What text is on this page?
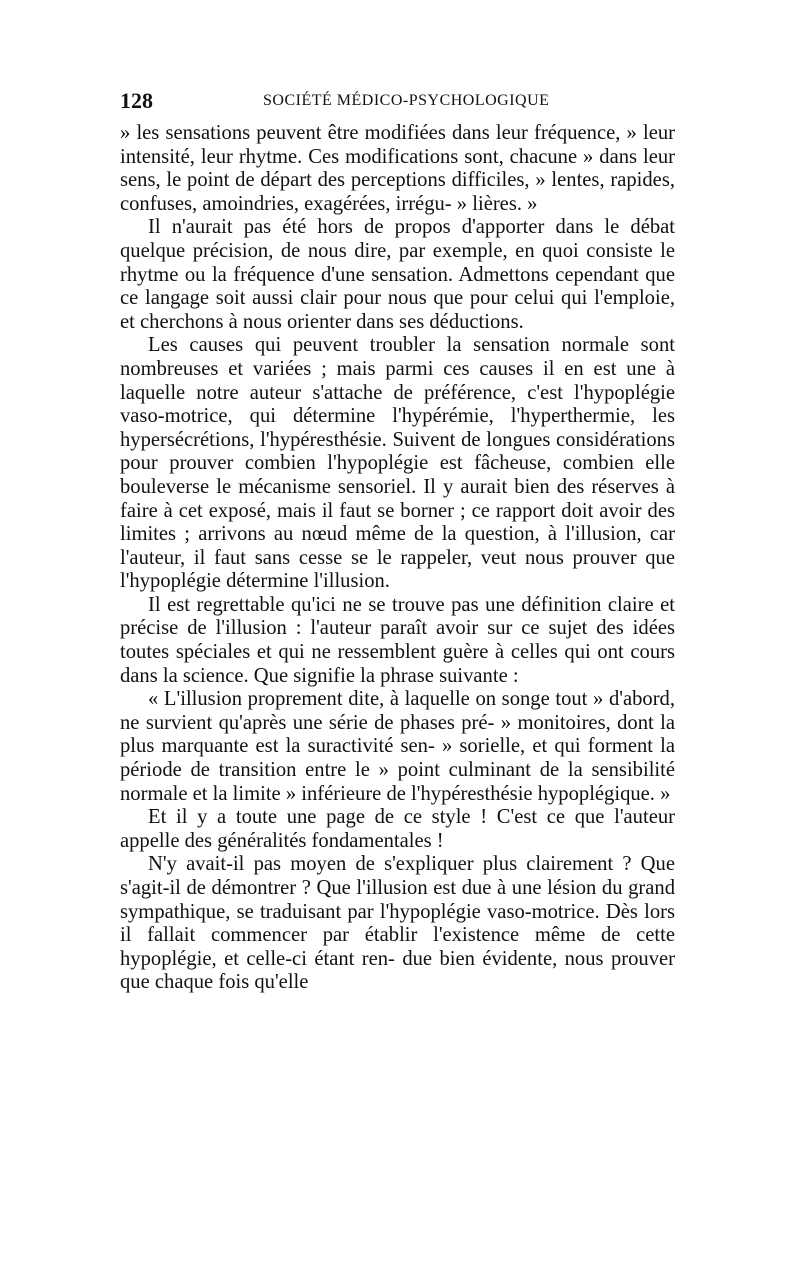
128	SOCIÉTÉ MÉDICO-PSYCHOLOGIQUE

» les sensations peuvent être modifiées dans leur fréquence, » leur intensité, leur rhytme. Ces modifications sont, chacune » dans leur sens, le point de départ des perceptions difficiles, » lentes, rapides, confuses, amoindries, exagérées, irrégu- » lières. »

Il n'aurait pas été hors de propos d'apporter dans le débat quelque précision, de nous dire, par exemple, en quoi consiste le rhytme ou la fréquence d'une sensation. Admettons cependant que ce langage soit aussi clair pour nous que pour celui qui l'emploie, et cherchons à nous orienter dans ses déductions.

Les causes qui peuvent troubler la sensation normale sont nombreuses et variées ; mais parmi ces causes il en est une à laquelle notre auteur s'attache de préférence, c'est l'hypoplégie vaso-motrice, qui détermine l'hypérémie, l'hyperthermie, les hypersécrétions, l'hypéresthésie. Suivent de longues considérations pour prouver combien l'hypoplégie est fâcheuse, combien elle bouleverse le mécanisme sensoriel. Il y aurait bien des réserves à faire à cet exposé, mais il faut se borner ; ce rapport doit avoir des limites ; arrivons au nœud même de la question, à l'illusion, car l'auteur, il faut sans cesse se le rappeler, veut nous prouver que l'hypoplégie détermine l'illusion.

Il est regrettable qu'ici ne se trouve pas une définition claire et précise de l'illusion : l'auteur paraît avoir sur ce sujet des idées toutes spéciales et qui ne ressemblent guère à celles qui ont cours dans la science. Que signifie la phrase suivante :

« L'illusion proprement dite, à laquelle on songe tout » d'abord, ne survient qu'après une série de phases pré- » monitoires, dont la plus marquante est la suractivité sen- » sorielle, et qui forment la période de transition entre le » point culminant de la sensibilité normale et la limite » inférieure de l'hypéresthésie hypoplégique. »

Et il y a toute une page de ce style ! C'est ce que l'auteur appelle des généralités fondamentales !

N'y avait-il pas moyen de s'expliquer plus clairement ? Que s'agit-il de démontrer ? Que l'illusion est due à une lésion du grand sympathique, se traduisant par l'hypoplégie vaso-motrice. Dès lors il fallait commencer par établir l'existence même de cette hypoplégie, et celle-ci étant ren- due bien évidente, nous prouver que chaque fois qu'elle
